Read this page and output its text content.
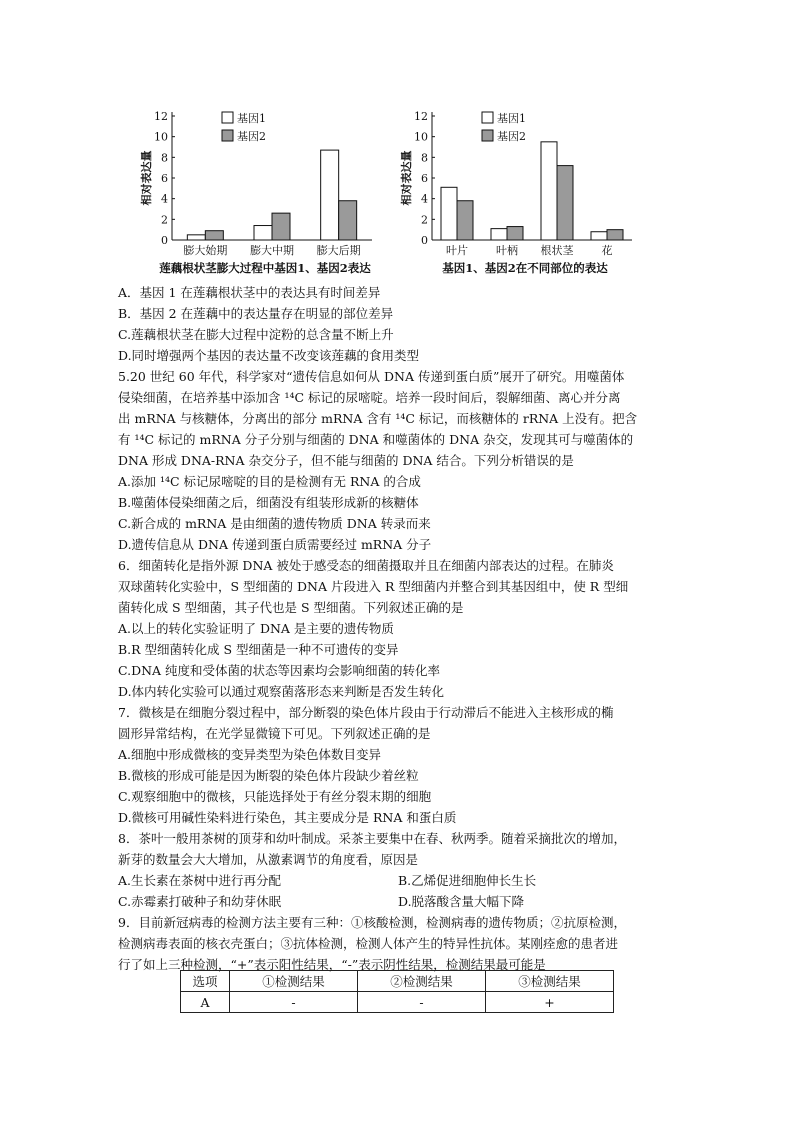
相对表达量
0
2
4
6
8
10
12
膨大始期 膨大中期 膨大后期
基因1
基因2
莲藕根状茎膨大过程中基因1、基因2表达
相对表达量
0
2
4
6
8
10
12
叶片	叶柄 根状茎	花
基因1
基因2
基因1、基因2在不同部位的表达
A．基因 1 在莲藕根状茎中的表达具有时间差异
B．基因 2 在莲藕中的表达量存在明显的部位差异
C.莲藕根状茎在膨大过程中淀粉的总含量不断上升
D.同时增强两个基因的表达量不改变该莲藕的食用类型
5.20 世纪 60 年代，科学家对“遗传信息如何从 DNA 传递到蛋白质”展开了研究。用噬菌体
侵染细菌，在培养基中添加含 ¹⁴C 标记的尿嘧啶。培养一段时间后，裂解细菌、离心并分离
出 mRNA 与核糖体，分离出的部分 mRNA 含有 ¹⁴C 标记，而核糖体的 rRNA 上没有。把含
有 ¹⁴C 标记的 mRNA 分子分别与细菌的 DNA 和噬菌体的 DNA 杂交，发现其可与噬菌体的
DNA 形成 DNA-RNA 杂交分子，但不能与细菌的 DNA 结合。下列分析错误的是
A.添加 ¹⁴C 标记尿嘧啶的目的是检测有无 RNA 的合成
B.噬菌体侵染细菌之后，细菌没有组装形成新的核糖体
C.新合成的 mRNA 是由细菌的遗传物质 DNA 转录而来
D.遗传信息从 DNA 传递到蛋白质需要经过 mRNA 分子
6．细菌转化是指外源 DNA 被处于感受态的细菌摄取并且在细菌内部表达的过程。在肺炎
双球菌转化实验中，S 型细菌的 DNA 片段进入 R 型细菌内并整合到其基因组中，使 R 型细
菌转化成 S 型细菌，其子代也是 S 型细菌。下列叙述正确的是
A.以上的转化实验证明了 DNA 是主要的遗传物质
B.R 型细菌转化成 S 型细菌是一种不可遗传的变异
C.DNA 纯度和受体菌的状态等因素均会影响细菌的转化率
D.体内转化实验可以通过观察菌落形态来判断是否发生转化
7．微核是在细胞分裂过程中，部分断裂的染色体片段由于行动滞后不能进入主核形成的椭
圆形异常结构，在光学显微镜下可见。下列叙述正确的是
A.细胞中形成微核的变异类型为染色体数目变异
B.微核的形成可能是因为断裂的染色体片段缺少着丝粒
C.观察细胞中的微核，只能选择处于有丝分裂末期的细胞
D.微核可用碱性染料进行染色，其主要成分是 RNA 和蛋白质
8．茶叶一般用茶树的顶芽和幼叶制成。采茶主要集中在春、秋两季。随着采摘批次的增加，
新芽的数量会大大增加，从激素调节的角度看，原因是
A.生长素在茶树中进行再分配	B.乙烯促进细胞伸长生长
C.赤霉素打破种子和幼芽休眠	D.脱落酸含量大幅下降
9．目前新冠病毒的检测方法主要有三种：①核酸检测，检测病毒的遗传物质；②抗原检测，
检测病毒表面的核衣壳蛋白；③抗体检测，检测人体产生的特异性抗体。某刚痊愈的患者进
行了如上三种检测，“+”表示阳性结果，“-”表示阴性结果，检测结果最可能是
选项	①检测结果	②检测结果	③检测结果
A	-	-	+
